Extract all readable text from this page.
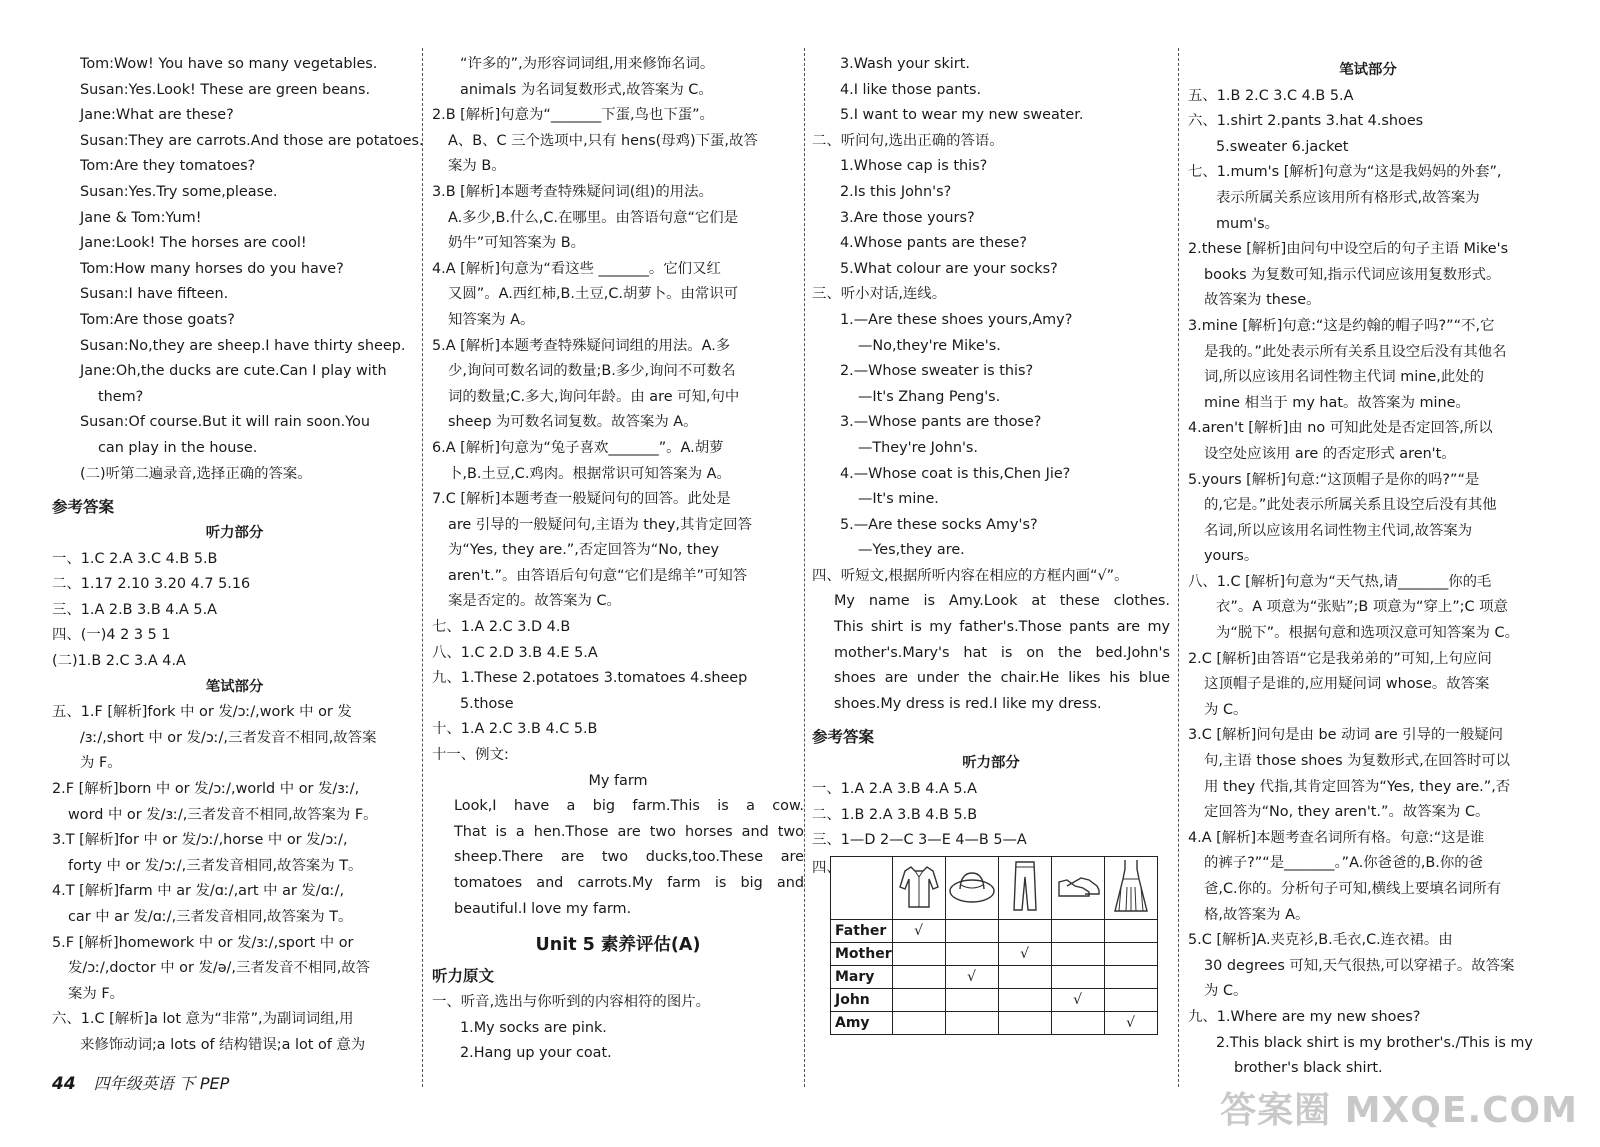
Tom:Wow! You have so many vegetables.
Susan:Yes.Look! These are green beans.
Jane:What are these?
Susan:They are carrots.And those are potatoes.
Tom:Are they tomatoes?
Susan:Yes.Try some,please.
Jane & Tom:Yum!
Jane:Look! The horses are cool!
Tom:How many horses do you have?
Susan:I have fifteen.
Tom:Are those goats?
Susan:No,they are sheep.I have thirty sheep.
Jane:Oh,the ducks are cute.Can I play with
them?
Susan:Of course.But it will rain soon.You
can play in the house.
(二)听第二遍录音,选择正确的答案。
参考答案
听力部分
一、1.C 2.A 3.C 4.B 5.B
二、1.17 2.10 3.20 4.7 5.16
三、1.A 2.B 3.B 4.A 5.A
四、(一)4 2 3 5 1
(二)1.B 2.C 3.A 4.A
笔试部分
五、1.F [解析]fork 中 or 发/ɔː/,work 中 or 发
/ɜː/,short 中 or 发/ɔː/,三者发音不相同,故答案
为 F。
2.F [解析]born 中 or 发/ɔː/,world 中 or 发/ɜː/,
word 中 or 发/ɜː/,三者发音不相同,故答案为 F。
3.T [解析]for 中 or 发/ɔː/,horse 中 or 发/ɔː/,
forty 中 or 发/ɔː/,三者发音相同,故答案为 T。
4.T [解析]farm 中 ar 发/ɑː/,art 中 ar 发/ɑː/,
car 中 ar 发/ɑː/,三者发音相同,故答案为 T。
5.F [解析]homework 中 or 发/ɜː/,sport 中 or
发/ɔː/,doctor 中 or 发/ə/,三者发音不相同,故答
案为 F。
六、1.C [解析]a lot 意为“非常”,为副词词组,用
来修饰动词;a lots of 结构错误;a lot of 意为
“许多的”,为形容词词组,用来修饰名词。
animals 为名词复数形式,故答案为 C。
2.B [解析]句意为“_______下蛋,鸟也下蛋”。
A、B、C 三个选项中,只有 hens(母鸡)下蛋,故答
案为 B。
3.B [解析]本题考查特殊疑问词(组)的用法。
A.多少,B.什么,C.在哪里。由答语句意“它们是
奶牛”可知答案为 B。
4.A [解析]句意为“看这些 _______。它们又红
又圆”。A.西红柿,B.土豆,C.胡萝卜。由常识可
知答案为 A。
5.A [解析]本题考查特殊疑问词组的用法。A.多
少,询问可数名词的数量;B.多少,询问不可数名
词的数量;C.多大,询问年龄。由 are 可知,句中
sheep 为可数名词复数。故答案为 A。
6.A [解析]句意为“兔子喜欢_______”。A.胡萝
卜,B.土豆,C.鸡肉。根据常识可知答案为 A。
7.C [解析]本题考查一般疑问句的回答。此处是
are 引导的一般疑问句,主语为 they,其肯定回答
为“Yes, they are.”,否定回答为“No, they
aren't.”。由答语后句句意“它们是绵羊”可知答
案是否定的。故答案为 C。
七、1.A 2.C 3.D 4.B
八、1.C 2.D 3.B 4.E 5.A
九、1.These 2.potatoes 3.tomatoes 4.sheep
5.those
十、1.A 2.C 3.B 4.C 5.B
十一、例文:
My farm
Look,I have a big farm.This is a cow.
That is a hen.Those are two horses and two
sheep.There are two ducks,too.These are
tomatoes and carrots.My farm is big and
beautiful.I love my farm.
Unit 5 素养评估(A)
听力原文
一、听音,选出与你听到的内容相符的图片。
1.My socks are pink.
2.Hang up your coat.
3.Wash your skirt.
4.I like those pants.
5.I want to wear my new sweater.
二、听问句,选出正确的答语。
1.Whose cap is this?
2.Is this John's?
3.Are those yours?
4.Whose pants are these?
5.What colour are your socks?
三、听小对话,连线。
1.—Are these shoes yours,Amy?
—No,they're Mike's.
2.—Whose sweater is this?
—It's Zhang Peng's.
3.—Whose pants are those?
—They're John's.
4.—Whose coat is this,Chen Jie?
—It's mine.
5.—Are these socks Amy's?
—Yes,they are.
四、听短文,根据所听内容在相应的方框内画“√”。
My name is Amy.Look at these clothes.
This shirt is my father's.Those pants are my
mother's.Mary's hat is on the bed.John's
shoes are under the chair.He likes his blue
shoes.My dress is red.I like my dress.
参考答案
听力部分
一、1.A 2.A 3.B 4.A 5.A
二、1.B 2.A 3.B 4.B 5.B
三、1—D 2—C 3—E 4—B 5—A
四、

Father	√				
Mother			√		
Mary		√			
John				√	
Amy					√
笔试部分
五、1.B 2.C 3.C 4.B 5.A
六、1.shirt 2.pants 3.hat 4.shoes
5.sweater 6.jacket
七、1.mum's [解析]句意为“这是我妈妈的外套”,
表示所属关系应该用所有格形式,故答案为
mum's。
2.these [解析]由问句中设空后的句子主语 Mike's
books 为复数可知,指示代词应该用复数形式。
故答案为 these。
3.mine [解析]句意:“这是约翰的帽子吗?”“不,它
是我的。”此处表示所有关系且设空后没有其他名
词,所以应该用名词性物主代词 mine,此处的
mine 相当于 my hat。故答案为 mine。
4.aren't [解析]由 no 可知此处是否定回答,所以
设空处应该用 are 的否定形式 aren't。
5.yours [解析]句意:“这顶帽子是你的吗?”“是
的,它是。”此处表示所属关系且设空后没有其他
名词,所以应该用名词性物主代词,故答案为
yours。
八、1.C [解析]句意为“天气热,请_______你的毛
衣”。A 项意为“张贴”;B 项意为“穿上”;C 项意
为“脱下”。根据句意和选项汉意可知答案为 C。
2.C [解析]由答语“它是我弟弟的”可知,上句应问
这顶帽子是谁的,应用疑问词 whose。故答案
为 C。
3.C [解析]问句是由 be 动词 are 引导的一般疑问
句,主语 those shoes 为复数形式,在回答时可以
用 they 代指,其肯定回答为“Yes, they are.”,否
定回答为“No, they aren't.”。故答案为 C。
4.A [解析]本题考查名词所有格。句意:“这是谁
的裤子?”“是_______。”A.你爸爸的,B.你的爸
爸,C.你的。分析句子可知,横线上要填名词所有
格,故答案为 A。
5.C [解析]A.夹克衫,B.毛衣,C.连衣裙。由
30 degrees 可知,天气很热,可以穿裙子。故答案
为 C。
九、1.Where are my new shoes?
2.This black shirt is my brother's./This is my
brother's black shirt.
44 四年级英语 下 PEP
答案圈 MXQE.COM
